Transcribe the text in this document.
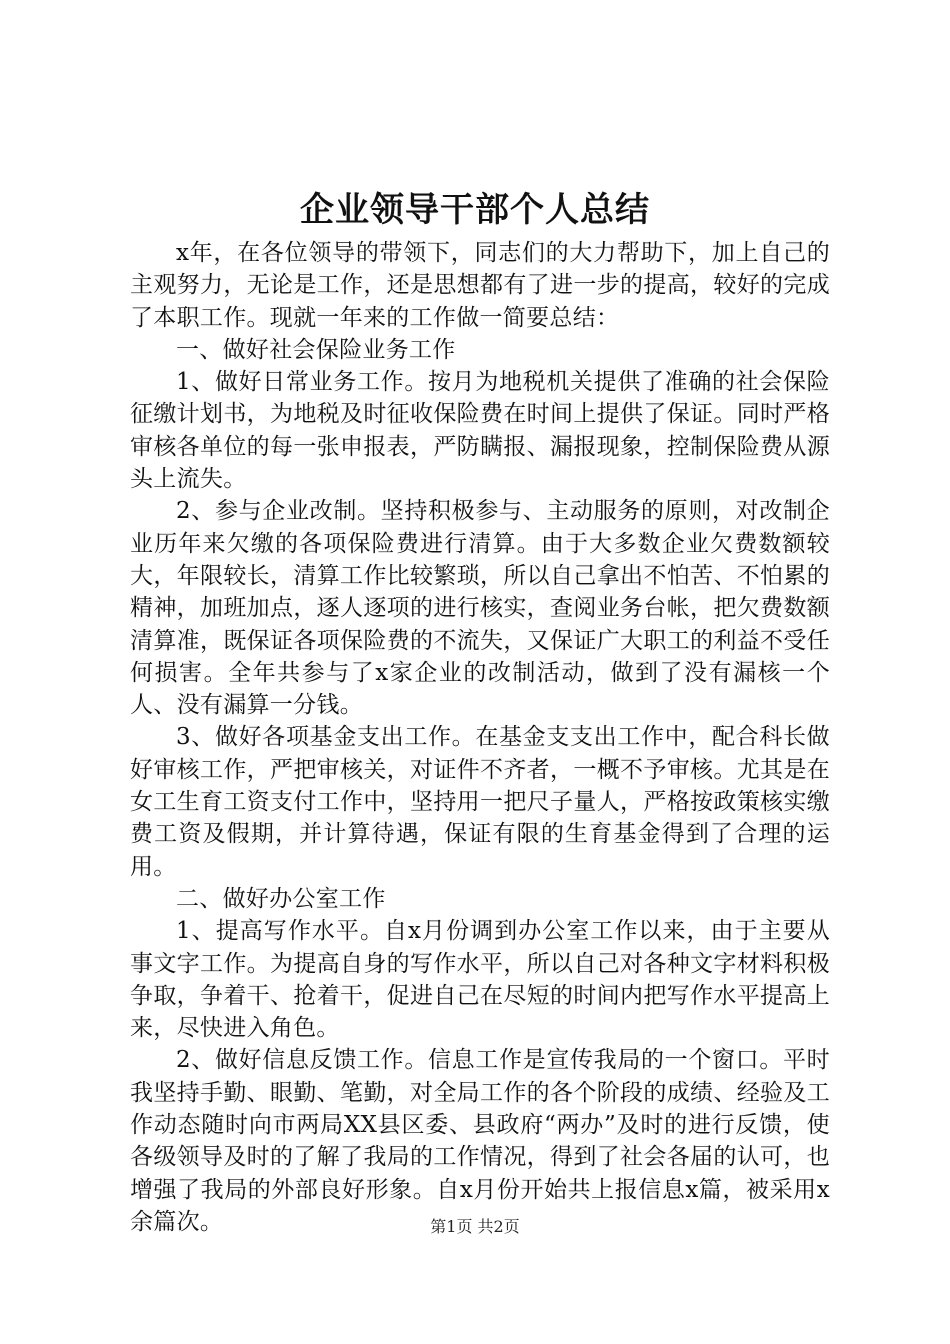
企业领导干部个人总结

x年，在各位领导的带领下，同志们的大力帮助下，加上自己的主观努力，无论是工作，还是思想都有了进一步的提高，较好的完成了本职工作。现就一年来的工作做一简要总结：

一、做好社会保险业务工作

1、做好日常业务工作。按月为地税机关提供了准确的社会保险征缴计划书，为地税及时征收保险费在时间上提供了保证。同时严格审核各单位的每一张申报表，严防瞒报、漏报现象，控制保险费从源头上流失。

2、参与企业改制。坚持积极参与、主动服务的原则，对改制企业历年来欠缴的各项保险费进行清算。由于大多数企业欠费数额较大，年限较长，清算工作比较繁琐，所以自己拿出不怕苦、不怕累的精神，加班加点，逐人逐项的进行核实，查阅业务台帐，把欠费数额清算准，既保证各项保险费的不流失，又保证广大职工的利益不受任何损害。全年共参与了x家企业的改制活动，做到了没有漏核一个人、没有漏算一分钱。

3、做好各项基金支出工作。在基金支支出工作中，配合科长做好审核工作，严把审核关，对证件不齐者，一概不予审核。尤其是在女工生育工资支付工作中，坚持用一把尺子量人，严格按政策核实缴费工资及假期，并计算待遇，保证有限的生育基金得到了合理的运用。

二、做好办公室工作

1、提高写作水平。自x月份调到办公室工作以来，由于主要从事文字工作。为提高自身的写作水平，所以自己对各种文字材料积极争取，争着干、抢着干，促进自己在尽短的时间内把写作水平提高上来，尽快进入角色。

2、做好信息反馈工作。信息工作是宣传我局的一个窗口。平时我坚持手勤、眼勤、笔勤，对全局工作的各个阶段的成绩、经验及工作动态随时向市两局XX县区委、县政府“两办”及时的进行反馈，使各级领导及时的了解了我局的工作情况，得到了社会各届的认可，也增强了我局的外部良好形象。自x月份开始共上报信息x篇，被采用x余篇次。	第1页 共2页
